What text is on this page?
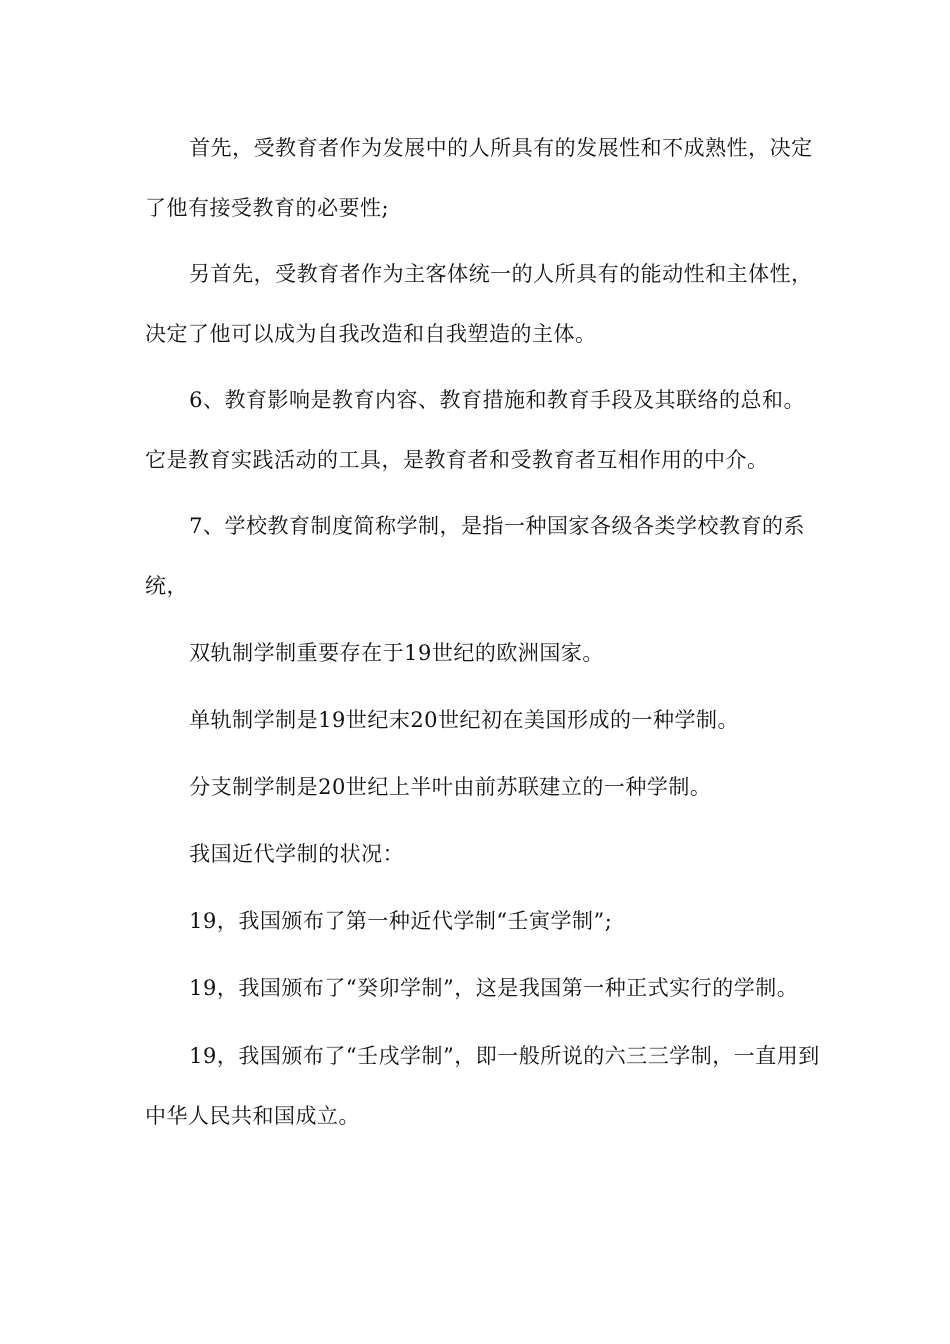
首先，受教育者作为发展中的人所具有的发展性和不成熟性，决定了他有接受教育的必要性;

另首先，受教育者作为主客体统一的人所具有的能动性和主体性，决定了他可以成为自我改造和自我塑造的主体。

6、教育影响是教育内容、教育措施和教育手段及其联络的总和。它是教育实践活动的工具，是教育者和受教育者互相作用的中介。

7、学校教育制度简称学制，是指一种国家各级各类学校教育的系统，

双轨制学制重要存在于19世纪的欧洲国家。

单轨制学制是19世纪末20世纪初在美国形成的一种学制。

分支制学制是20世纪上半叶由前苏联建立的一种学制。

我国近代学制的状况：

19，我国颁布了第一种近代学制“壬寅学制”;

19，我国颁布了“癸卯学制”，这是我国第一种正式实行的学制。

19，我国颁布了“壬戌学制”，即一般所说的六三三学制，一直用到中华人民共和国成立。
